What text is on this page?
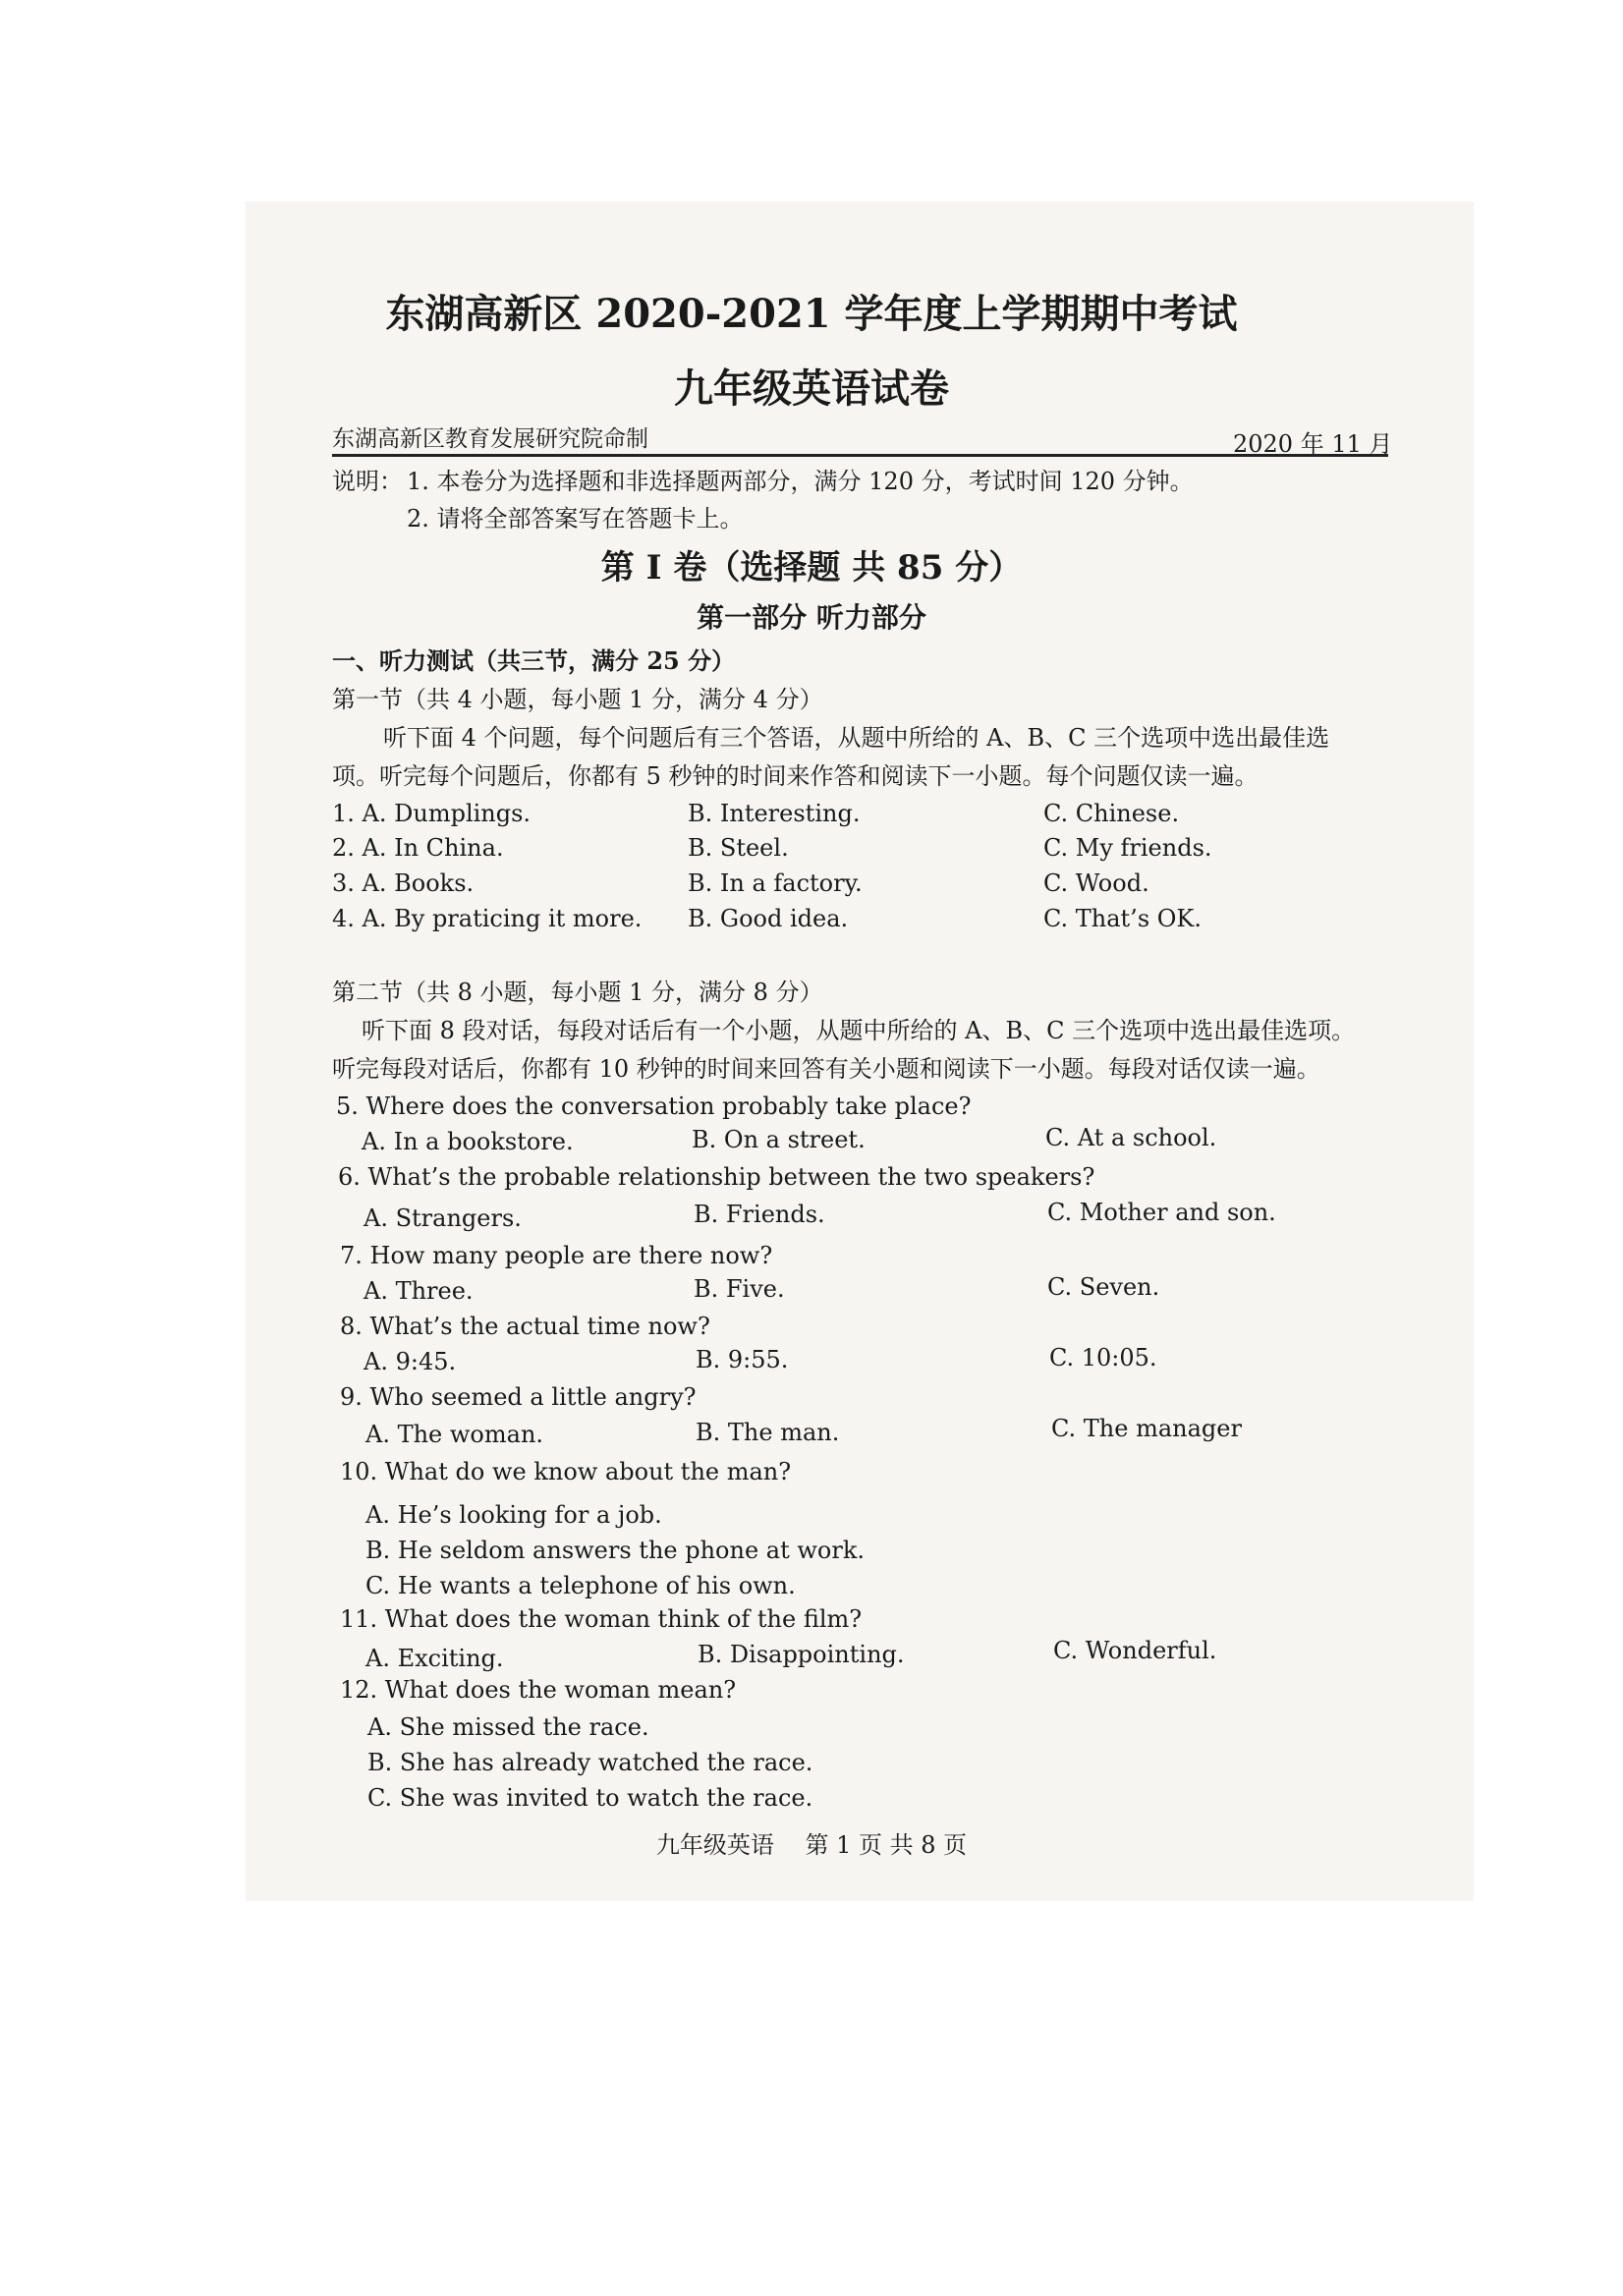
东湖高新区 2020-2021 学年度上学期期中考试
九年级英语试卷
东湖高新区教育发展研究院命制	2020 年 11 月
说明： 1. 本卷分为选择题和非选择题两部分，满分 120 分，考试时间 120 分钟。
2. 请将全部答案写在答题卡上。
第 I 卷（选择题 共 85 分）
第一部分 听力部分
一、听力测试（共三节，满分 25 分）
第一节（共 4 小题，每小题 1 分，满分 4 分）
听下面 4 个问题，每个问题后有三个答语，从题中所给的 A、B、C 三个选项中选出最佳选
项。听完每个问题后，你都有 5 秒钟的时间来作答和阅读下一小题。每个问题仅读一遍。
1. A. Dumplings.	B. Interesting.	C. Chinese.
2. A. In China.	B. Steel.	C. My friends.
3. A. Books.	B. In a factory.	C. Wood.
4. A. By praticing it more. B. Good idea.	C. That’s OK.
第二节（共 8 小题，每小题 1 分，满分 8 分）
听下面 8 段对话，每段对话后有一个小题，从题中所给的 A、B、C 三个选项中选出最佳选项。
听完每段对话后，你都有 10 秒钟的时间来回答有关小题和阅读下一小题。每段对话仅读一遍。
5. Where does the conversation probably take place?
A. In a bookstore.	B. On a street.	C. At a school.
6. What’s the probable relationship between the two speakers?
A. Strangers.	B. Friends.	C. Mother and son.
7. How many people are there now?
A. Three.	B. Five.	C. Seven.
8. What’s the actual time now?
A. 9:45.	B. 9:55.	C. 10:05.
9. Who seemed a little angry?
A. The woman.	B. The man.	C. The manager
10. What do we know about the man?
A. He’s looking for a job.
B. He seldom answers the phone at work.
C. He wants a telephone of his own.
11. What does the woman think of the film?
A. Exciting.	B. Disappointing.	C. Wonderful.
12. What does the woman mean?
A. She missed the race.
B. She has already watched the race.
C. She was invited to watch the race.
九年级英语　 第 1 页 共 8 页
